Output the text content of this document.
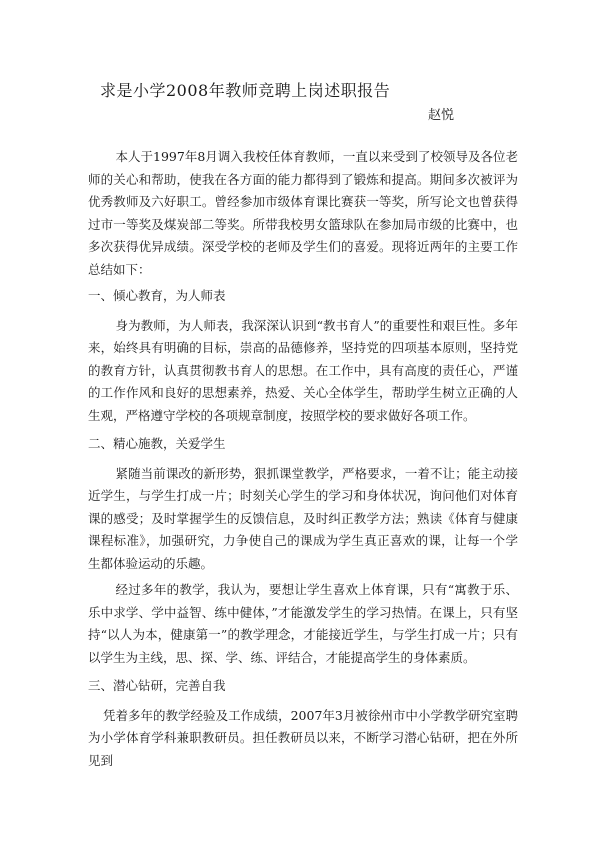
求是小学2008年教师竞聘上岗述职报告
赵悦

本人于1997年8月调入我校任体育教师，一直以来受到了校领导及各位老师的关心和帮助，使我在各方面的能力都得到了锻炼和提高。期间多次被评为优秀教师及六好职工。曾经参加市级体育课比赛获一等奖，所写论文也曾获得过市一等奖及煤炭部二等奖。所带我校男女篮球队在参加局市级的比赛中，也多次获得优异成绩。深受学校的老师及学生们的喜爱。现将近两年的主要工作总结如下：

一、倾心教育，为人师表

身为教师，为人师表，我深深认识到“教书育人”的重要性和艰巨性。多年来，始终具有明确的目标，崇高的品德修养，坚持党的四项基本原则，坚持党的教育方针，认真贯彻教书育人的思想。在工作中，具有高度的责任心，严谨的工作作风和良好的思想素养，热爱、关心全体学生，帮助学生树立正确的人生观，严格遵守学校的各项规章制度，按照学校的要求做好各项工作。

二、精心施教，关爱学生

紧随当前课改的新形势，狠抓课堂教学，严格要求，一着不让；能主动接近学生，与学生打成一片；时刻关心学生的学习和身体状况，询问他们对体育课的感受；及时掌握学生的反馈信息，及时纠正教学方法；熟读《体育与健康课程标准》，加强研究，力争使自己的课成为学生真正喜欢的课，让每一个学生都体验运动的乐趣。

经过多年的教学，我认为，要想让学生喜欢上体育课，只有“寓教于乐、乐中求学、学中益智、练中健体，”才能激发学生的学习热情。在课上，只有坚持“以人为本，健康第一”的教学理念，才能接近学生，与学生打成一片；只有以学生为主线，思、探、学、练、评结合，才能提高学生的身体素质。

三、潜心钻研，完善自我

凭着多年的教学经验及工作成绩，2007年3月被徐州市中小学教学研究室聘为小学体育学科兼职教研员。担任教研员以来，不断学习潜心钻研，把在外所见到
